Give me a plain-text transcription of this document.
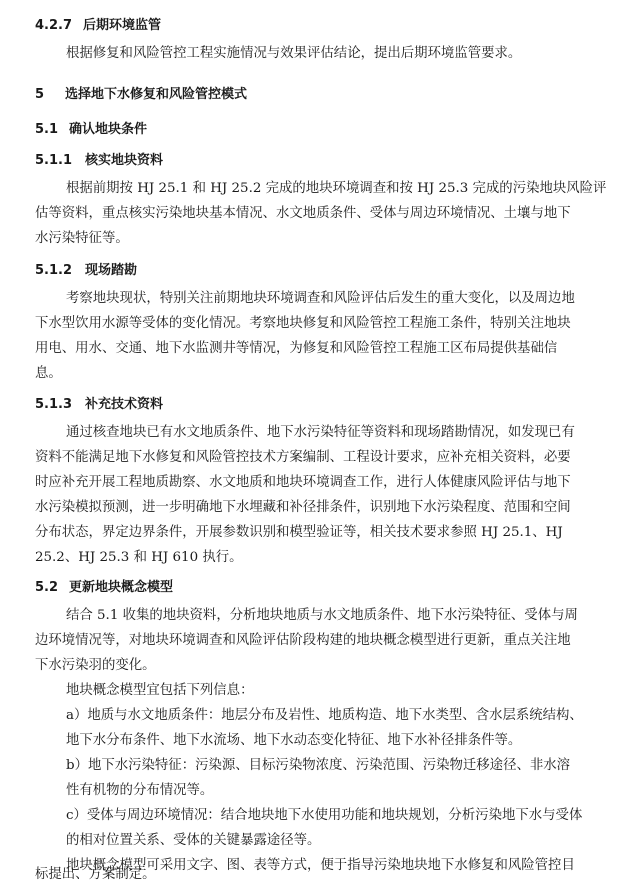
4.2.7 后期环境监管
根据修复和风险管控工程实施情况与效果评估结论，提出后期环境监管要求。
5 选择地下水修复和风险管控模式
5.1 确认地块条件
5.1.1 核实地块资料
根据前期按 HJ 25.1 和 HJ 25.2 完成的地块环境调查和按 HJ 25.3 完成的污染地块风险评
估等资料，重点核实污染地块基本情况、水文地质条件、受体与周边环境情况、土壤与地下
水污染特征等。
5.1.2 现场踏勘
考察地块现状，特别关注前期地块环境调查和风险评估后发生的重大变化，以及周边地
下水型饮用水源等受体的变化情况。考察地块修复和风险管控工程施工条件，特别关注地块
用电、用水、交通、地下水监测井等情况，为修复和风险管控工程施工区布局提供基础信
息。
5.1.3 补充技术资料
通过核查地块已有水文地质条件、地下水污染特征等资料和现场踏勘情况，如发现已有
资料不能满足地下水修复和风险管控技术方案编制、工程设计要求，应补充相关资料，必要
时应补充开展工程地质勘察、水文地质和地块环境调查工作，进行人体健康风险评估与地下
水污染模拟预测，进一步明确地下水埋藏和补径排条件，识别地下水污染程度、范围和空间
分布状态，界定边界条件，开展参数识别和模型验证等，相关技术要求参照 HJ 25.1、HJ
25.2、HJ 25.3 和 HJ 610 执行。
5.2 更新地块概念模型
结合 5.1 收集的地块资料，分析地块地质与水文地质条件、地下水污染特征、受体与周
边环境情况等，对地块环境调查和风险评估阶段构建的地块概念模型进行更新，重点关注地
下水污染羽的变化。
地块概念模型宜包括下列信息：
a）地质与水文地质条件：地层分布及岩性、地质构造、地下水类型、含水层系统结构、
地下水分布条件、地下水流场、地下水动态变化特征、地下水补径排条件等。
b）地下水污染特征：污染源、目标污染物浓度、污染范围、污染物迁移途径、非水溶
性有机物的分布情况等。
c）受体与周边环境情况：结合地块地下水使用功能和地块规划，分析污染地下水与受体
的相对位置关系、受体的关键暴露途径等。
地块概念模型可采用文字、图、表等方式，便于指导污染地块地下水修复和风险管控目
标提出、方案制定。
